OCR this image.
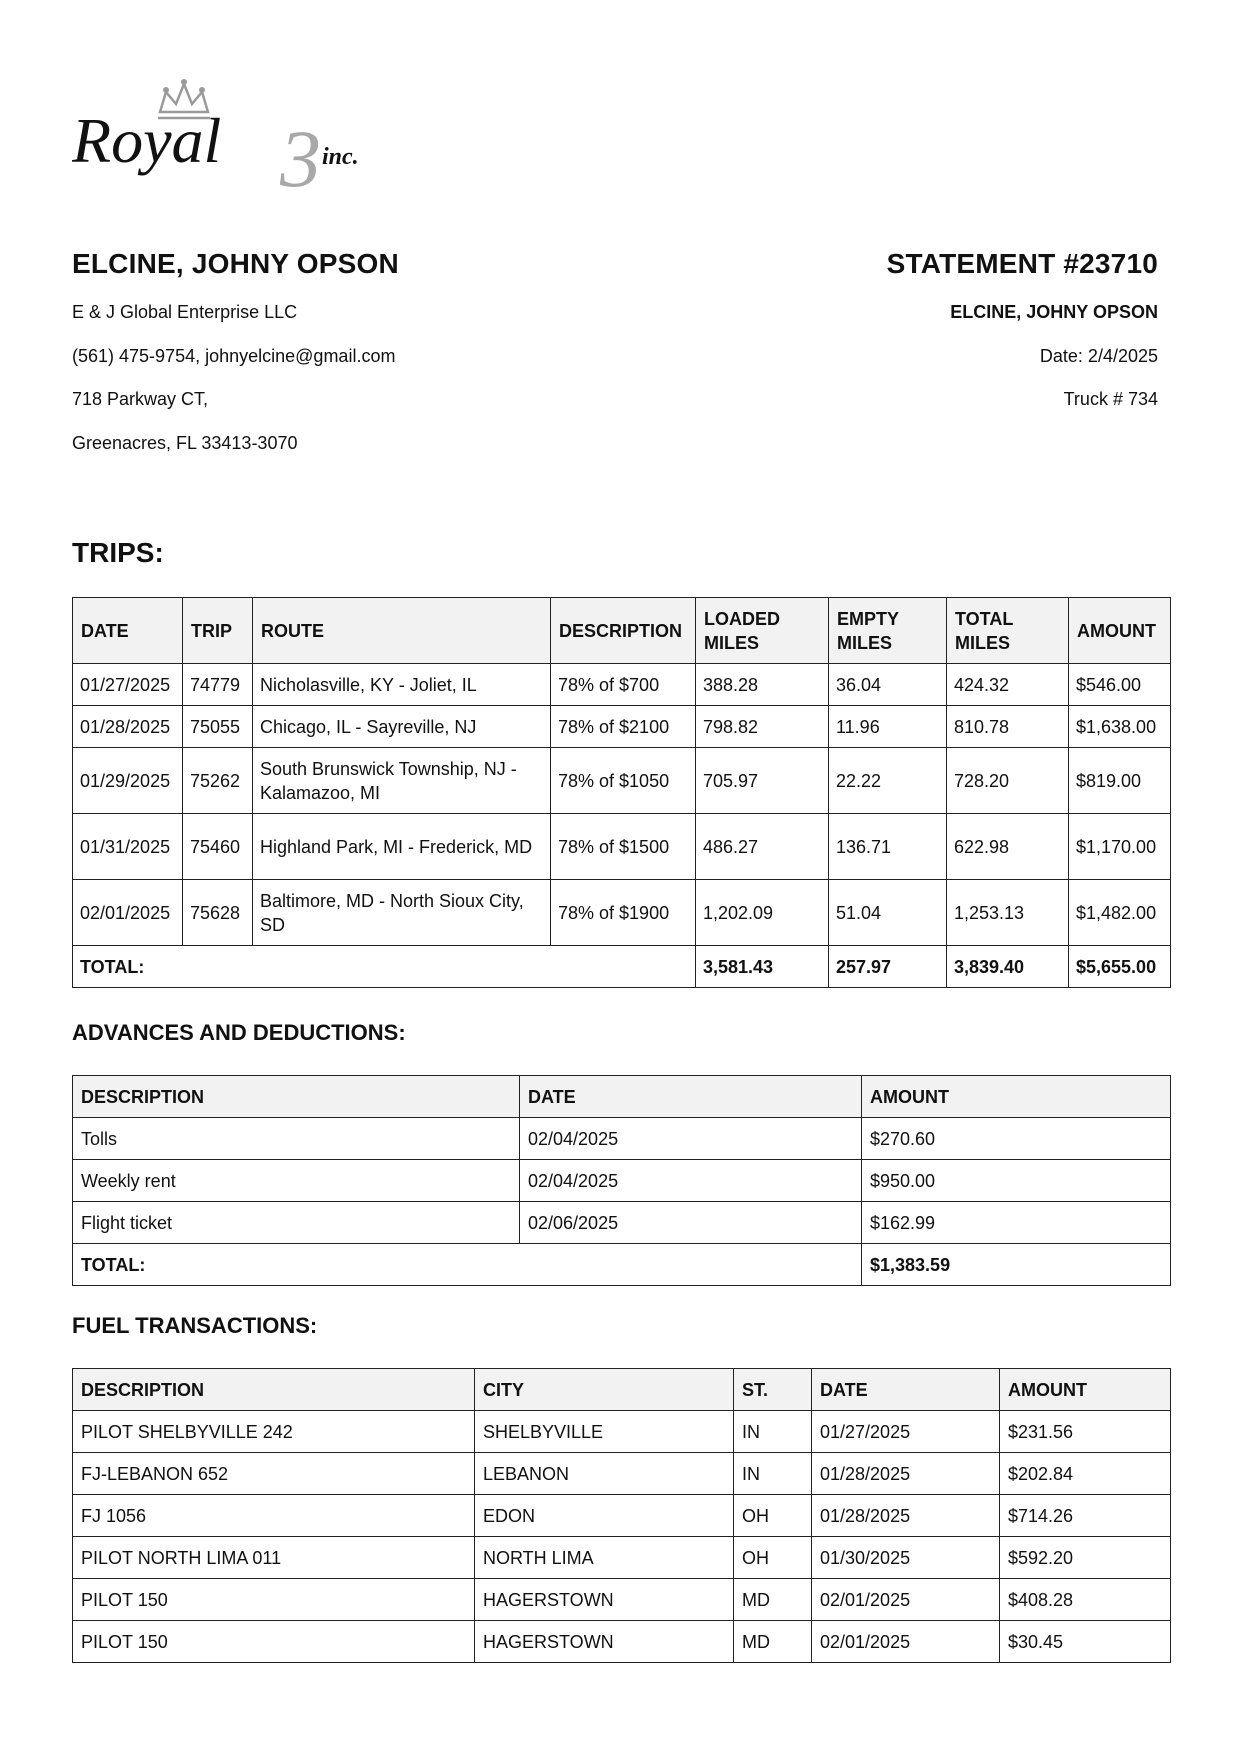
Royal 3 inc.

ELCINE, JOHNY OPSON

E & J Global Enterprise LLC

(561) 475-9754, johnyelcine@gmail.com

718 Parkway CT,

Greenacres, FL 33413-3070

STATEMENT #23710

ELCINE, JOHNY OPSON

Date: 2/4/2025

Truck # 734

TRIPS:
DATE	TRIP	ROUTE	DESCRIPTION	LOADED MILES	EMPTY MILES	TOTAL MILES	AMOUNT
01/27/2025	74779	Nicholasville, KY - Joliet, IL	78% of $700	388.28	36.04	424.32	$546.00
01/28/2025	75055	Chicago, IL - Sayreville, NJ	78% of $2100	798.82	11.96	810.78	$1,638.00
01/29/2025	75262	South Brunswick Township, NJ - Kalamazoo, MI	78% of $1050	705.97	22.22	728.20	$819.00
01/31/2025	75460	Highland Park, MI - Frederick, MD	78% of $1500	486.27	136.71	622.98	$1,170.00
02/01/2025	75628	Baltimore, MD - North Sioux City, SD	78% of $1900	1,202.09	51.04	1,253.13	$1,482.00
TOTAL:				3,581.43	257.97	3,839.40	$5,655.00
ADVANCES AND DEDUCTIONS:
DESCRIPTION	DATE	AMOUNT
Tolls	02/04/2025	$270.60
Weekly rent	02/04/2025	$950.00
Flight ticket	02/06/2025	$162.99
TOTAL:		$1,383.59
FUEL TRANSACTIONS:
DESCRIPTION	CITY	ST.	DATE	AMOUNT
PILOT SHELBYVILLE 242	SHELBYVILLE	IN	01/27/2025	$231.56
FJ-LEBANON 652	LEBANON	IN	01/28/2025	$202.84
FJ 1056	EDON	OH	01/28/2025	$714.26
PILOT NORTH LIMA 011	NORTH LIMA	OH	01/30/2025	$592.20
PILOT 150	HAGERSTOWN	MD	02/01/2025	$408.28
PILOT 150	HAGERSTOWN	MD	02/01/2025	$30.45
